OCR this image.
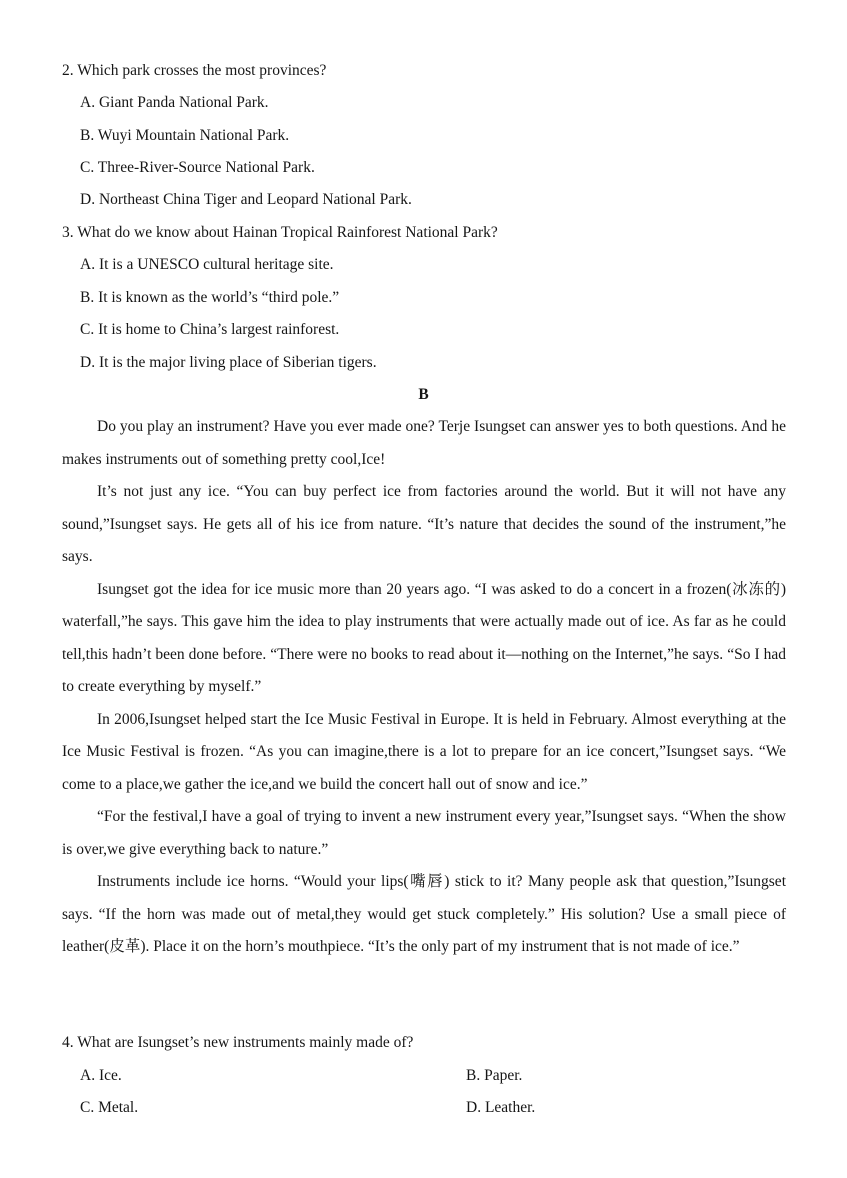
2. Which park crosses the most provinces?
A. Giant Panda National Park.
B. Wuyi Mountain National Park.
C. Three-River-Source National Park.
D. Northeast China Tiger and Leopard National Park.
3. What do we know about Hainan Tropical Rainforest National Park?
A. It is a UNESCO cultural heritage site.
B. It is known as the world’s “third pole.”
C. It is home to China’s largest rainforest.
D. It is the major living place of Siberian tigers.
B

Do you play an instrument? Have you ever made one? Terje Isungset can answer yes to both questions. And he makes instruments out of something pretty cool,Ice!

It’s not just any ice. “You can buy perfect ice from factories around the world. But it will not have any sound,”Isungset says. He gets all of his ice from nature. “It’s nature that decides the sound of the instrument,”he says.

Isungset got the idea for ice music more than 20 years ago. “I was asked to do a concert in a frozen(冰冻的) waterfall,”he says. This gave him the idea to play instruments that were actually made out of ice. As far as he could tell,this hadn’t been done before. “There were no books to read about it—nothing on the Internet,”he says. “So I had to create everything by myself.”

In 2006,Isungset helped start the Ice Music Festival in Europe. It is held in February. Almost everything at the Ice Music Festival is frozen. “As you can imagine,there is a lot to prepare for an ice concert,”Isungset says. “We come to a place,we gather the ice,and we build the concert hall out of snow and ice.”

“For the festival,I have a goal of trying to invent a new instrument every year,”Isungset says. “When the show is over,we give everything back to nature.”

Instruments include ice horns. “Would your lips(嘴唇) stick to it? Many people ask that question,”Isungset says. “If the horn was made out of metal,they would get stuck completely.” His solution? Use a small piece of leather(皮革). Place it on the horn’s mouthpiece. “It’s the only part of my instrument that is not made of ice.”

4. What are Isungset’s new instruments mainly made of?
A. Ice.	B. Paper.
C. Metal.	D. Leather.
